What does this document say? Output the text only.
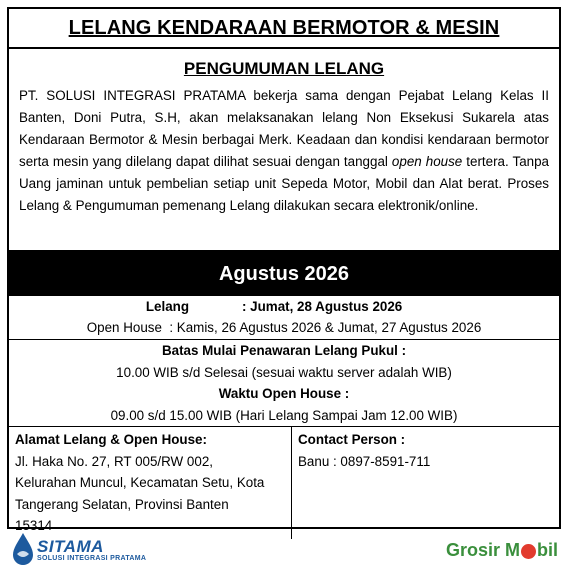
LELANG KENDARAAN BERMOTOR & MESIN
PENGUMUMAN LELANG

PT. SOLUSI INTEGRASI PRATAMA bekerja sama dengan Pejabat Lelang Kelas II Banten, Doni Putra, S.H, akan melaksanakan lelang Non Eksekusi Sukarela atas Kendaraan Bermotor & Mesin berbagai Merk. Keadaan dan kondisi kendaraan bermotor serta mesin yang dilelang dapat dilihat sesuai dengan tanggal open house tertera. Tanpa Uang jaminan untuk pembelian setiap unit Sepeda Motor, Mobil dan Alat berat. Proses Lelang & Pengumuman pemenang Lelang dilakukan secara elektronik/online.

Agustus 2026
Lelang	: Jumat, 28 Agustus 2026
Open House  : Kamis, 26 Agustus 2026 & Jumat, 27 Agustus 2026
Batas Mulai Penawaran Lelang Pukul :
10.00 WIB s/d Selesai (sesuai waktu server adalah WIB)
Waktu Open House :
09.00 s/d 15.00 WIB (Hari Lelang Sampai Jam 12.00 WIB)
Alamat Lelang & Open House:
Jl. Haka No. 27, RT 005/RW 002,
Kelurahan Muncul, Kecamatan Setu, Kota
Tangerang Selatan, Provinsi Banten
15314
Contact Person :
Banu : 0897-8591-711
SITAMA
SOLUSI INTEGRASI PRATAMA	Grosir M bil
